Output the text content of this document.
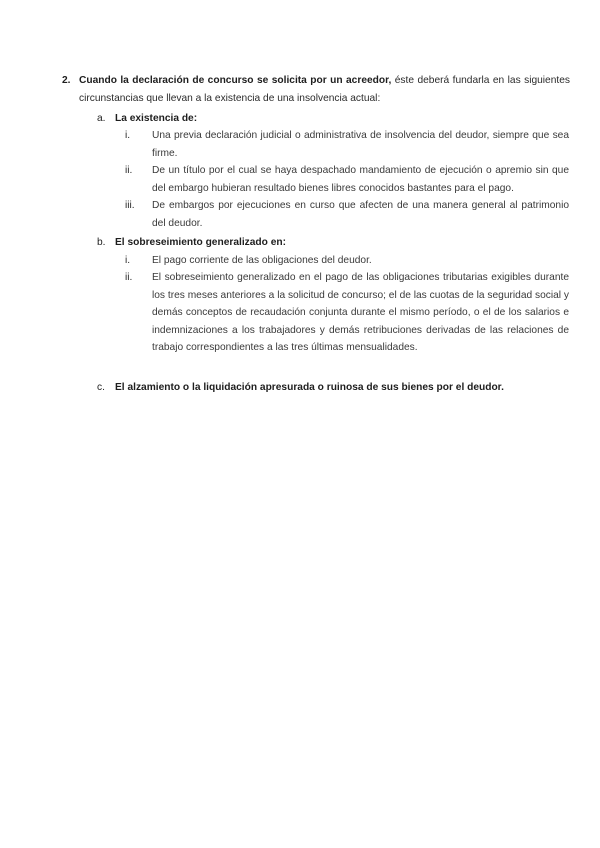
2. Cuando la declaración de concurso se solicita por un acreedor, éste deberá fundarla en las siguientes circunstancias que llevan a la existencia de una insolvencia actual:
a. La existencia de:
i.	Una previa declaración judicial o administrativa de insolvencia del deudor, siempre que sea firme.
ii.	De un título por el cual se haya despachado mandamiento de ejecución o apremio sin que del embargo hubieran resultado bienes libres conocidos bastantes para el pago.
iii.	De embargos por ejecuciones en curso que afecten de una manera general al patrimonio del deudor.
b. El sobreseimiento generalizado en:
i.	El pago corriente de las obligaciones del deudor.
ii.	El sobreseimiento generalizado en el pago de las obligaciones tributarias exigibles durante los tres meses anteriores a la solicitud de concurso; el de las cuotas de la seguridad social y demás conceptos de recaudación conjunta durante el mismo período, o el de los salarios e indemnizaciones a los trabajadores y demás retribuciones derivadas de las relaciones de trabajo correspondientes a las tres últimas mensualidades.
c. El alzamiento o la liquidación apresurada o ruinosa de sus bienes por el deudor.
